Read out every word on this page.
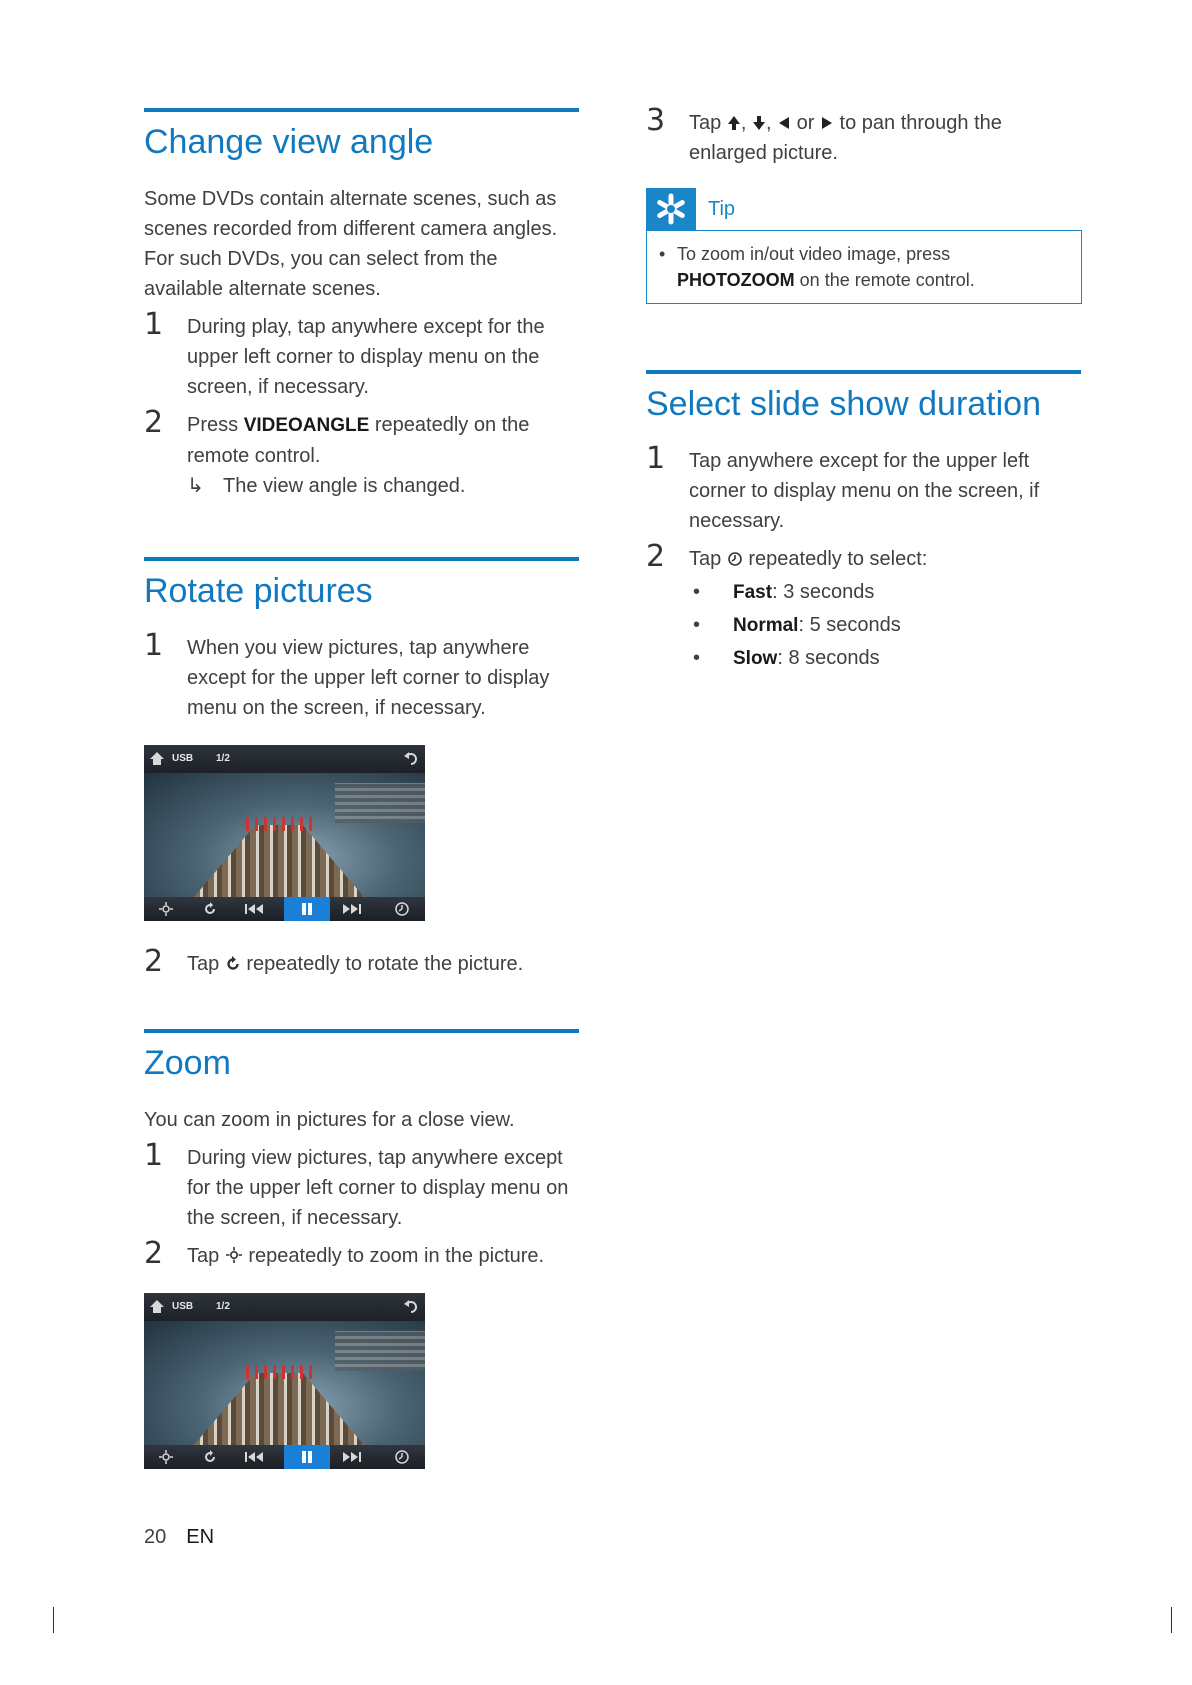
Change view angle

Some DVDs contain alternate scenes, such as scenes recorded from different camera angles. For such DVDs, you can select from the available alternate scenes.

1 During play, tap anywhere except for the upper left corner to display menu on the screen, if necessary.
2 Press VIDEOANGLE repeatedly on the remote control.
↳ The view angle is changed.
Rotate pictures
1 When you view pictures, tap anywhere except for the upper left corner to display menu on the screen, if necessary.
USB 1/2
2 Tap  repeatedly to rotate the picture.
Zoom

You can zoom in pictures for a close view.

1 During view pictures, tap anywhere except for the upper left corner to display menu on the screen, if necessary.
2 Tap  repeatedly to zoom in the picture.
USB 1/2
3 Tap , ,  or  to pan through the enlarged picture.
Tip
• To zoom in/out video image, press PHOTOZOOM on the remote control.
Select slide show duration
1 Tap anywhere except for the upper left corner to display menu on the screen, if necessary.
2 Tap  repeatedly to select:
• Fast: 3 seconds
• Normal: 5 seconds
• Slow: 8 seconds
20 EN
